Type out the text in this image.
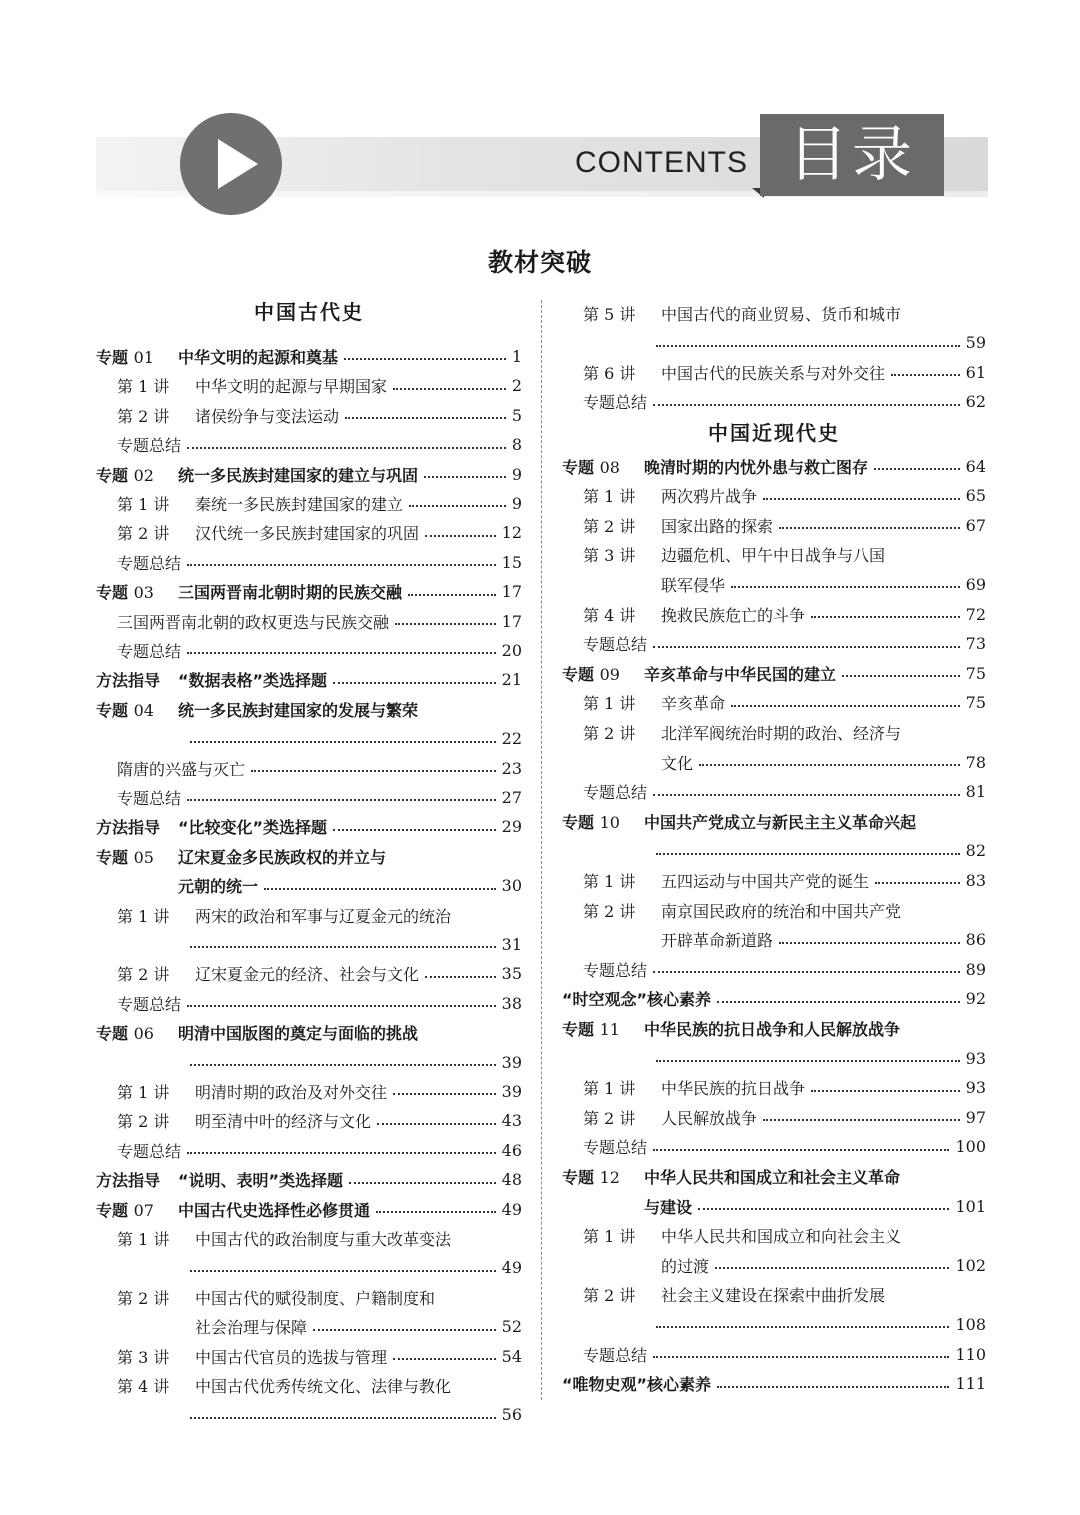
CONTENTS 目录
教材突破
中国古代史
专题 01	中华文明的起源和奠基	1
第 1 讲	中华文明的起源与早期国家	2
第 2 讲	诸侯纷争与变法运动	5
专题总结	8
专题 02	统一多民族封建国家的建立与巩固	9
第 1 讲	秦统一多民族封建国家的建立	9
第 2 讲	汉代统一多民族封建国家的巩固	12
专题总结	15
专题 03	三国两晋南北朝时期的民族交融	17
三国两晋南北朝的政权更迭与民族交融	17
专题总结	20
方法指导	“数据表格”类选择题	21
专题 04	统一多民族封建国家的发展与繁荣
22
隋唐的兴盛与灭亡	23
专题总结	27
方法指导	“比较变化”类选择题	29
专题 05	辽宋夏金多民族政权的并立与
元朝的统一	30
第 1 讲	两宋的政治和军事与辽夏金元的统治
31
第 2 讲	辽宋夏金元的经济、社会与文化	35
专题总结	38
专题 06	明清中国版图的奠定与面临的挑战
39
第 1 讲	明清时期的政治及对外交往	39
第 2 讲	明至清中叶的经济与文化	43
专题总结	46
方法指导	“说明、表明”类选择题	48
专题 07	中国古代史选择性必修贯通	49
第 1 讲	中国古代的政治制度与重大改革变法
49
第 2 讲	中国古代的赋役制度、户籍制度和
社会治理与保障	52
第 3 讲	中国古代官员的选拔与管理	54
第 4 讲	中国古代优秀传统文化、法律与教化
56
第 5 讲	中国古代的商业贸易、货币和城市
59
第 6 讲	中国古代的民族关系与对外交往	61
专题总结	62
中国近现代史
专题 08	晚清时期的内忧外患与救亡图存	64
第 1 讲	两次鸦片战争	65
第 2 讲	国家出路的探索	67
第 3 讲	边疆危机、甲午中日战争与八国
联军侵华	69
第 4 讲	挽救民族危亡的斗争	72
专题总结	73
专题 09	辛亥革命与中华民国的建立	75
第 1 讲	辛亥革命	75
第 2 讲	北洋军阀统治时期的政治、经济与
文化	78
专题总结	81
专题 10	中国共产党成立与新民主主义革命兴起
82
第 1 讲	五四运动与中国共产党的诞生	83
第 2 讲	南京国民政府的统治和中国共产党
开辟革命新道路	86
专题总结	89
“时空观念”核心素养	92
专题 11	中华民族的抗日战争和人民解放战争
93
第 1 讲	中华民族的抗日战争	93
第 2 讲	人民解放战争	97
专题总结	100
专题 12	中华人民共和国成立和社会主义革命
与建设	101
第 1 讲	中华人民共和国成立和向社会主义
的过渡	102
第 2 讲	社会主义建设在探索中曲折发展
108
专题总结	110
“唯物史观”核心素养	111
